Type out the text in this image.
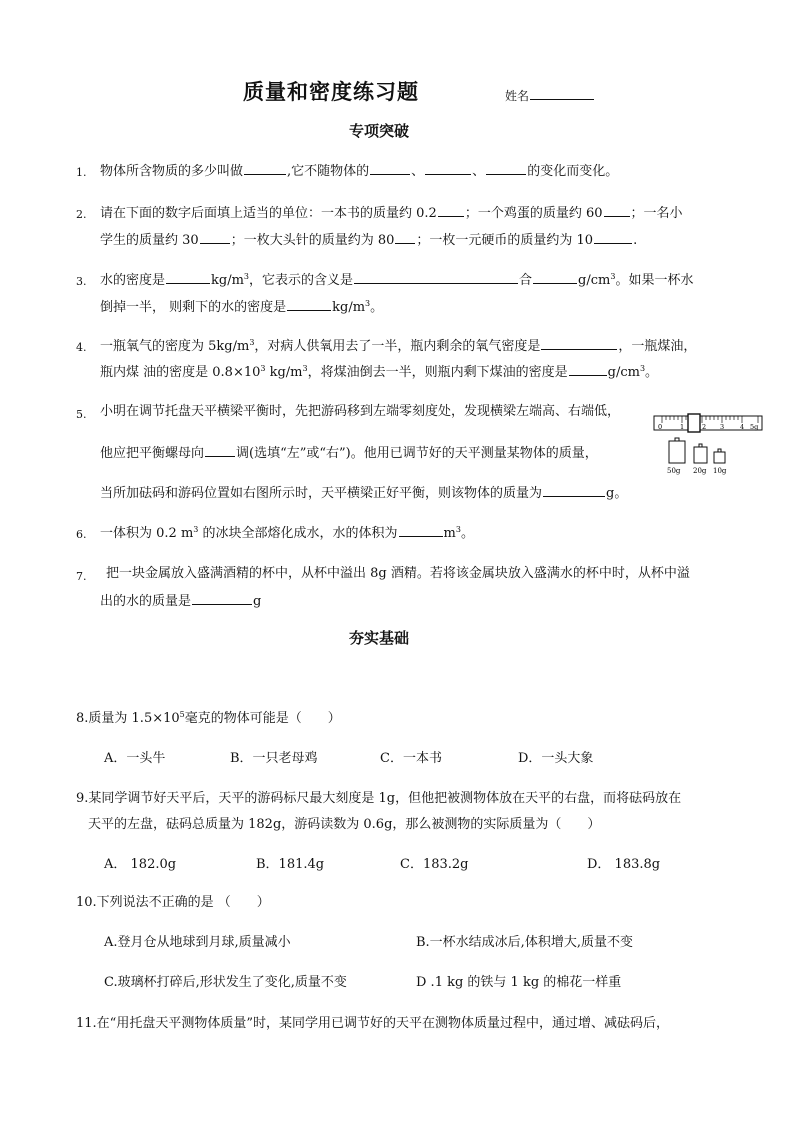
质量和密度练习题	姓名
专项突破
1. 物体所含物质的多少叫做	,它不随物体的	、	、	的变化而变化。
2. 请在下面的数字后面填上适当的单位：一本书的质量约 0.2 ；一个鸡蛋的质量约 60 ；一名小
学生的质量约 30 ；一枚大头针的质量约为 80 ；一枚一元硬币的质量约为 10	.
3. 水的密度是	$kg/m^3$，它表示的含义是	合	$g/cm^3$。如果一杯水
倒掉一半， 则剩下的水的密度是	$kg/m^3$。
4. 一瓶氧气的密度为 $5kg/m^3$，对病人供氧用去了一半，瓶内剩余的氧气密度是	，一瓶煤油，
瓶内煤 油的密度是 $0.8\times 10^3$ $kg/m^3$，将煤油倒去一半，则瓶内剩下煤油的密度是	$g/cm^3$。
5. 小明在调节托盘天平横梁平衡时，先把游码移到左端零刻度处，发现横梁左端高、右端低，
他应把平衡螺母向 调(选填“左”或“右”)。他用已调节好的天平测量某物体的质量，
当所加砝码和游码位置如右图所示时，天平横梁正好平衡，则该物体的质量为	g。
0	1	2 3 4 5g
50g 20g 10g
6. 一体积为 0.2 $m^3$ 的冰块全部熔化成水，水的体积为	$m^3$。
7. 把一块金属放入盛满酒精的杯中，从杯中溢出 8g 酒精。若将该金属块放入盛满水的杯中时，从杯中溢
出的水的质量是	g
夯实基础
8.质量为 $1.5\times 10^5$毫克的物体可能是（　　）
A．一头牛	B．一只老母鸡	C．一本书	D．一头大象
9.某同学调节好天平后，天平的游码标尺最大刻度是 1g，但他把被测物体放在天平的右盘，而将砝码放在
天平的左盘，砝码总质量为 182g，游码读数为 0.6g，那么被测物的实际质量为（　　）
A． 182.0g	B．181.4g	C．183.2g	D． 183.8g
10.下列说法不正确的是 （　　）
A.登月仓从地球到月球,质量减小	B.一杯水结成冰后,体积增大,质量不变
C.玻璃杯打碎后,形状发生了变化,质量不变	D .1 kg 的铁与 1 kg 的棉花一样重
11.在“用托盘天平测物体质量”时，某同学用已调节好的天平在测物体质量过程中，通过增、减砝码后，
